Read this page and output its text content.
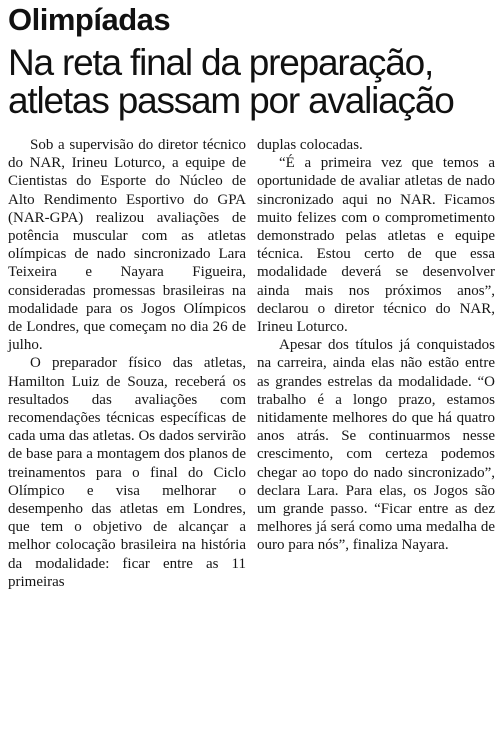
Olimpíadas
Na reta final da preparação,
atletas passam por avaliação

Sob a supervisão do diretor técnico do NAR, Irineu Loturco, a equipe de Cientistas do Esporte do Núcleo de Alto Rendimento Esportivo do GPA (NAR-GPA) realizou avaliações de potência muscular com as atletas olímpicas de nado sincronizado Lara Teixeira e Nayara Figueira, consideradas promessas brasileiras na modalidade para os Jogos Olímpicos de Londres, que começam no dia 26 de julho.

O preparador físico das atletas, Hamilton Luiz de Souza, receberá os resultados das avaliações com recomendações técnicas específicas de cada uma das atletas. Os dados servirão de base para a montagem dos planos de treinamentos para o final do Ciclo Olímpico e visa melhorar o desempenho das atletas em Londres, que tem o objetivo de alcançar a melhor colocação brasileira na história da modalidade: ficar entre as 11 primeiras

duplas colocadas.

“É a primeira vez que temos a oportunidade de avaliar atletas de nado sincronizado aqui no NAR. Ficamos muito felizes com o comprometimento demonstrado pelas atletas e equipe técnica. Estou certo de que essa modalidade deverá se desenvolver ainda mais nos próximos anos”, declarou o diretor técnico do NAR, Irineu Loturco.

Apesar dos títulos já conquistados na carreira, ainda elas não estão entre as grandes estrelas da modalidade. “O trabalho é a longo prazo, estamos nitidamente melhores do que há quatro anos atrás. Se continuarmos nesse crescimento, com certeza podemos chegar ao topo do nado sincronizado”, declara Lara. Para elas, os Jogos são um grande passo. “Ficar entre as dez melhores já será como uma medalha de ouro para nós”, finaliza Nayara.
